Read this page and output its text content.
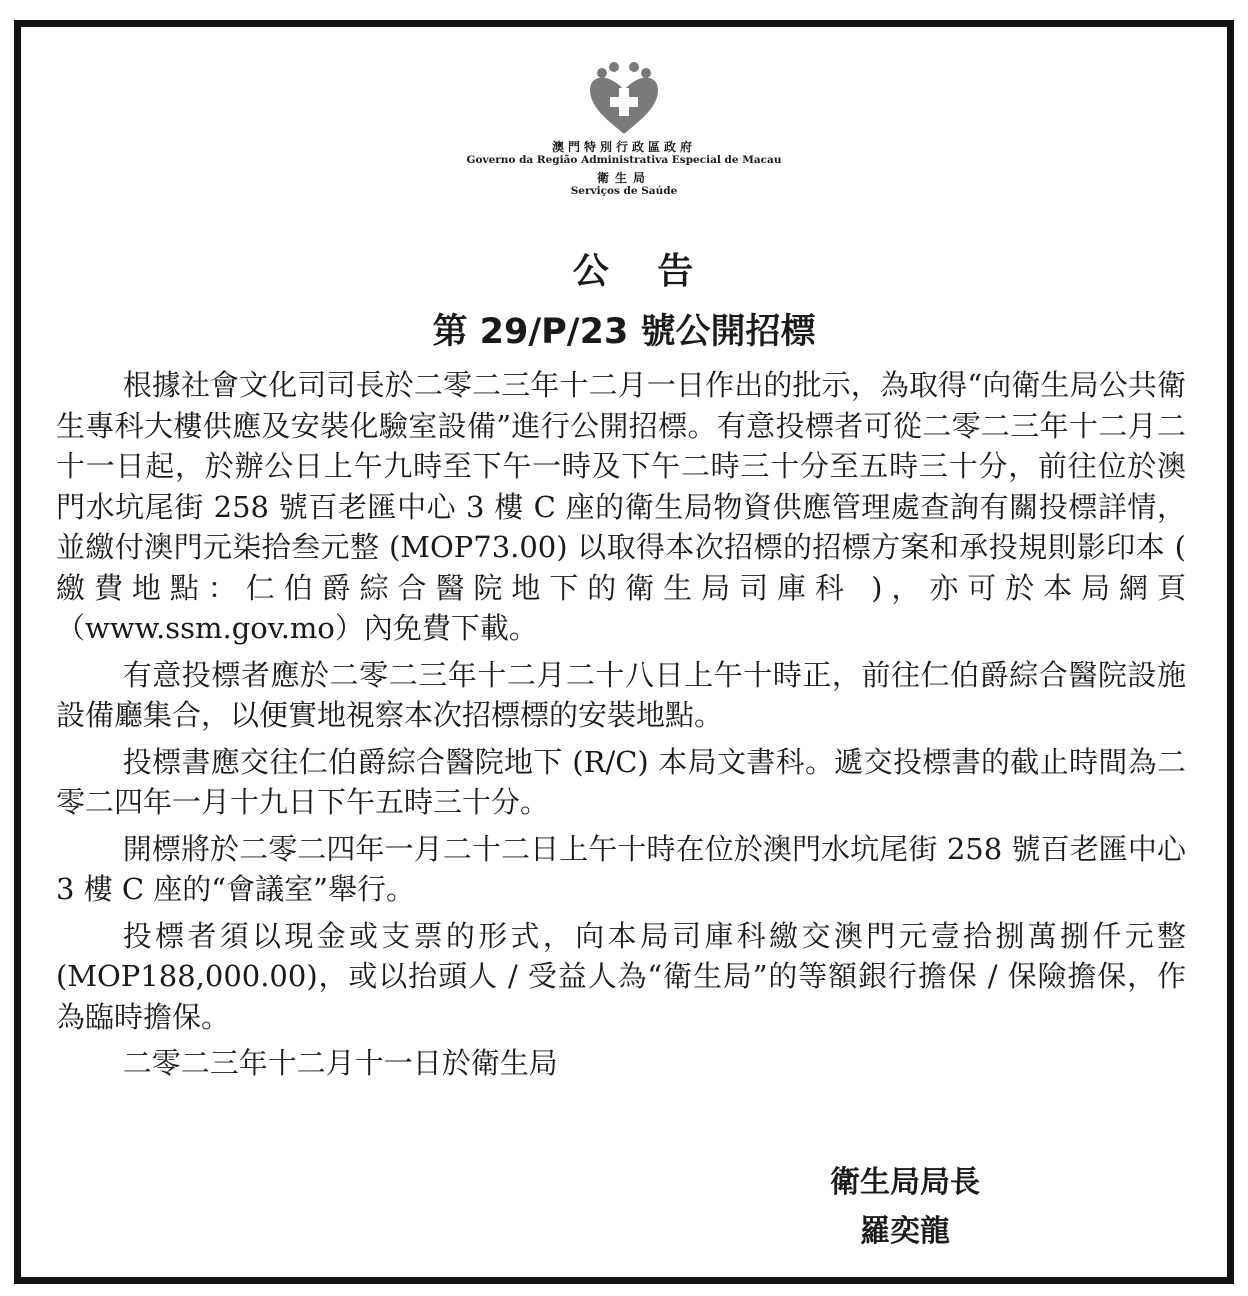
澳門特別行政區政府
Governo da Região Administrativa Especial de Macau
衛生局
Serviços de Saúde
公 告
第 29/P/23 號公開招標

根據社會文化司司長於二零二三年十二月一日作出的批示，為取得“向衛生局公共衛生專科大樓供應及安裝化驗室設備”進行公開招標。有意投標者可從二零二三年十二月二十一日起，於辦公日上午九時至下午一時及下午二時三十分至五時三十分，前往位於澳門水坑尾街 258 號百老匯中心 3 樓 C 座的衛生局物資供應管理處查詢有關投標詳情，並繳付澳門元柒拾叁元整 (MOP73.00) 以取得本次招標的招標方案和承投規則影印本 ( 繳費地點：仁伯爵綜合醫院地下的衛生局司庫科 )，亦可於本局網頁（www.ssm.gov.mo）內免費下載。

有意投標者應於二零二三年十二月二十八日上午十時正，前往仁伯爵綜合醫院設施設備廳集合，以便實地視察本次招標標的安裝地點。

投標書應交往仁伯爵綜合醫院地下 (R/C) 本局文書科。遞交投標書的截止時間為二零二四年一月十九日下午五時三十分。

開標將於二零二四年一月二十二日上午十時在位於澳門水坑尾街 258 號百老匯中心 3 樓 C 座的“會議室”舉行。

投標者須以現金或支票的形式，向本局司庫科繳交澳門元壹拾捌萬捌仟元整 (MOP188,000.00)，或以抬頭人 / 受益人為“衛生局”的等額銀行擔保 / 保險擔保，作為臨時擔保。

二零二三年十二月十一日於衛生局

衛生局局長
羅奕龍
